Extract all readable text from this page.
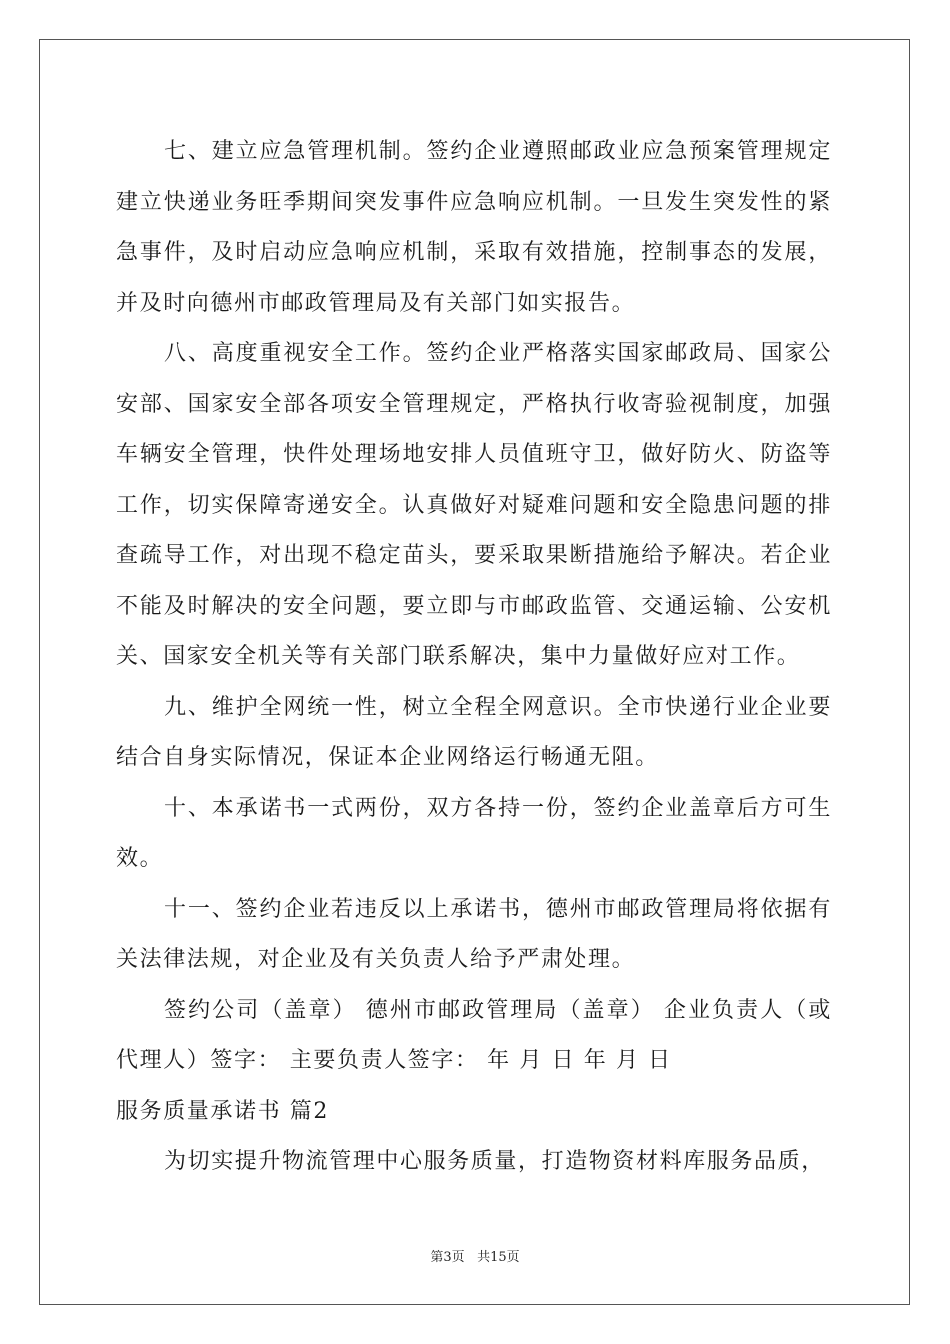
七、建立应急管理机制。签约企业遵照邮政业应急预案管理规定建立快递业务旺季期间突发事件应急响应机制。一旦发生突发性的紧急事件，及时启动应急响应机制，采取有效措施，控制事态的发展，并及时向德州市邮政管理局及有关部门如实报告。

八、高度重视安全工作。签约企业严格落实国家邮政局、国家公安部、国家安全部各项安全管理规定，严格执行收寄验视制度，加强车辆安全管理，快件处理场地安排人员值班守卫，做好防火、防盗等工作，切实保障寄递安全。认真做好对疑难问题和安全隐患问题的排查疏导工作，对出现不稳定苗头，要采取果断措施给予解决。若企业不能及时解决的安全问题，要立即与市邮政监管、交通运输、公安机关、国家安全机关等有关部门联系解决，集中力量做好应对工作。

九、维护全网统一性，树立全程全网意识。全市快递行业企业要结合自身实际情况，保证本企业网络运行畅通无阻。

十、本承诺书一式两份，双方各持一份，签约企业盖章后方可生效。

十一、签约企业若违反以上承诺书，德州市邮政管理局将依据有关法律法规，对企业及有关负责人给予严肃处理。

签约公司（盖章） 德州市邮政管理局（盖章） 企业负责人（或代理人）签字： 主要负责人签字： 年 月 日 年 月 日

服务质量承诺书 篇2

为切实提升物流管理中心服务质量，打造物资材料库服务品质，

第3页 共15页
